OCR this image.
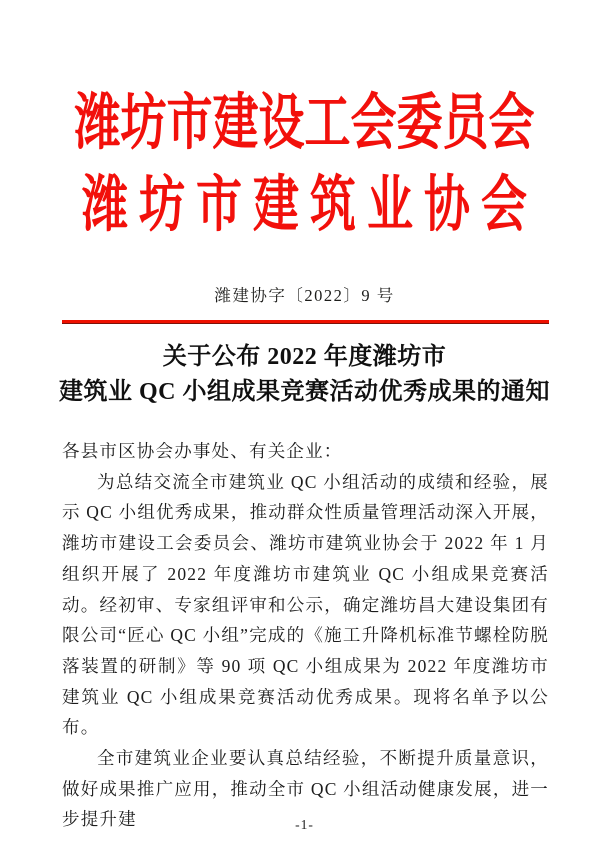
潍坊市建设工会委员会
潍坊市建筑业协会
潍建协字〔2022〕9 号
关于公布 2022 年度潍坊市
建筑业 QC 小组成果竞赛活动优秀成果的通知

各县市区协会办事处、有关企业：

为总结交流全市建筑业 QC 小组活动的成绩和经验，展示 QC 小组优秀成果，推动群众性质量管理活动深入开展，潍坊市建设工会委员会、潍坊市建筑业协会于 2022 年 1 月组织开展了 2022 年度潍坊市建筑业 QC 小组成果竞赛活动。经初审、专家组评审和公示，确定潍坊昌大建设集团有限公司“匠心 QC 小组”完成的《施工升降机标准节螺栓防脱落装置的研制》等 90 项 QC 小组成果为 2022 年度潍坊市建筑业 QC 小组成果竞赛活动优秀成果。现将名单予以公布。

全市建筑业企业要认真总结经验，不断提升质量意识，做好成果推广应用，推动全市 QC 小组活动健康发展，进一步提升建	-1-
